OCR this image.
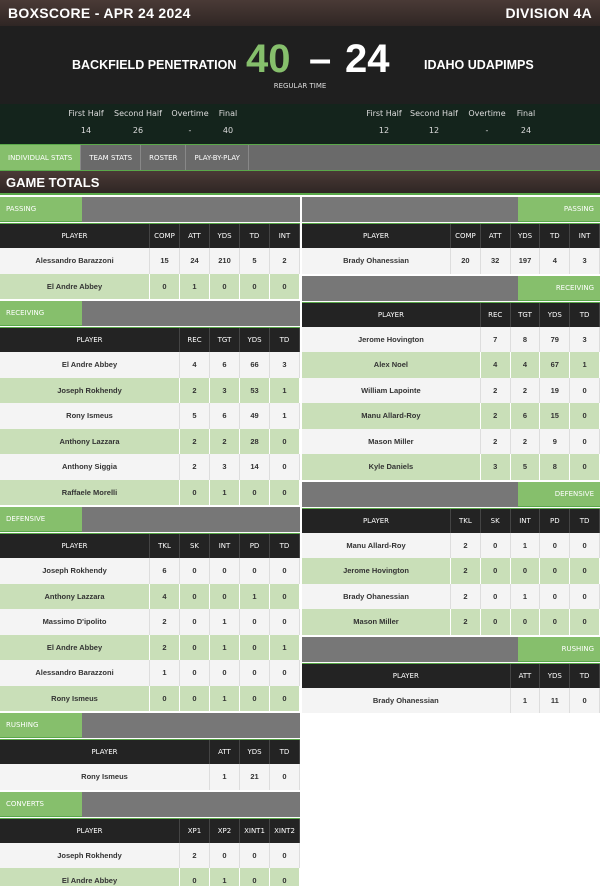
BOXSCORE - APR 24 2024	DIVISION 4A
BACKFIELD PENETRATION 40 – 24	IDAHO UDAPIMPS
REGULAR TIME
First Half	Second Half	Overtime	Final
14	26	-	40
First Half	Second Half	Overtime	Final
12	12	-	24
INDIVIDUAL STATS	TEAM STATS	ROSTER	PLAY-BY-PLAY
GAME TOTALS
PASSING
PLAYER	COMP	ATT	YDS	TD	INT
Alessandro Barazzoni	15	24	210	5	2
El Andre Abbey	0	1	0	0	0
RECEIVING
PLAYER	REC	TGT	YDS	TD
El Andre Abbey	4	6	66	3
Joseph Rokhendy	2	3	53	1
Rony Ismeus	5	6	49	1
Anthony Lazzara	2	2	28	0
Anthony Siggia	2	3	14	0
Raffaele Morelli	0	1	0	0
DEFENSIVE
PLAYER	TKL	SK	INT	PD	TD
Joseph Rokhendy	6	0	0	0	0
Anthony Lazzara	4	0	0	1	0
Massimo D'ipolito	2	0	1	0	0
El Andre Abbey	2	0	1	0	1
Alessandro Barazzoni	1	0	0	0	0
Rony Ismeus	0	0	1	0	0
RUSHING
PLAYER	ATT	YDS	TD
Rony Ismeus	1	21	0
CONVERTS
PLAYER	XP1	XP2	XINT1	XINT2
Joseph Rokhendy	2	0	0	0
El Andre Abbey	0	1	0	0
PASSING
PLAYER	COMP	ATT	YDS	TD	INT
Brady Ohanessian	20	32	197	4	3
RECEIVING
PLAYER	REC	TGT	YDS	TD
Jerome Hovington	7	8	79	3
Alex Noel	4	4	67	1
William Lapointe	2	2	19	0
Manu Allard-Roy	2	6	15	0
Mason Miller	2	2	9	0
Kyle Daniels	3	5	8	0
DEFENSIVE
PLAYER	TKL	SK	INT	PD	TD
Manu Allard-Roy	2	0	1	0	0
Jerome Hovington	2	0	0	0	0
Brady Ohanessian	2	0	1	0	0
Mason Miller	2	0	0	0	0
RUSHING
PLAYER	ATT	YDS	TD
Brady Ohanessian	1	11	0
